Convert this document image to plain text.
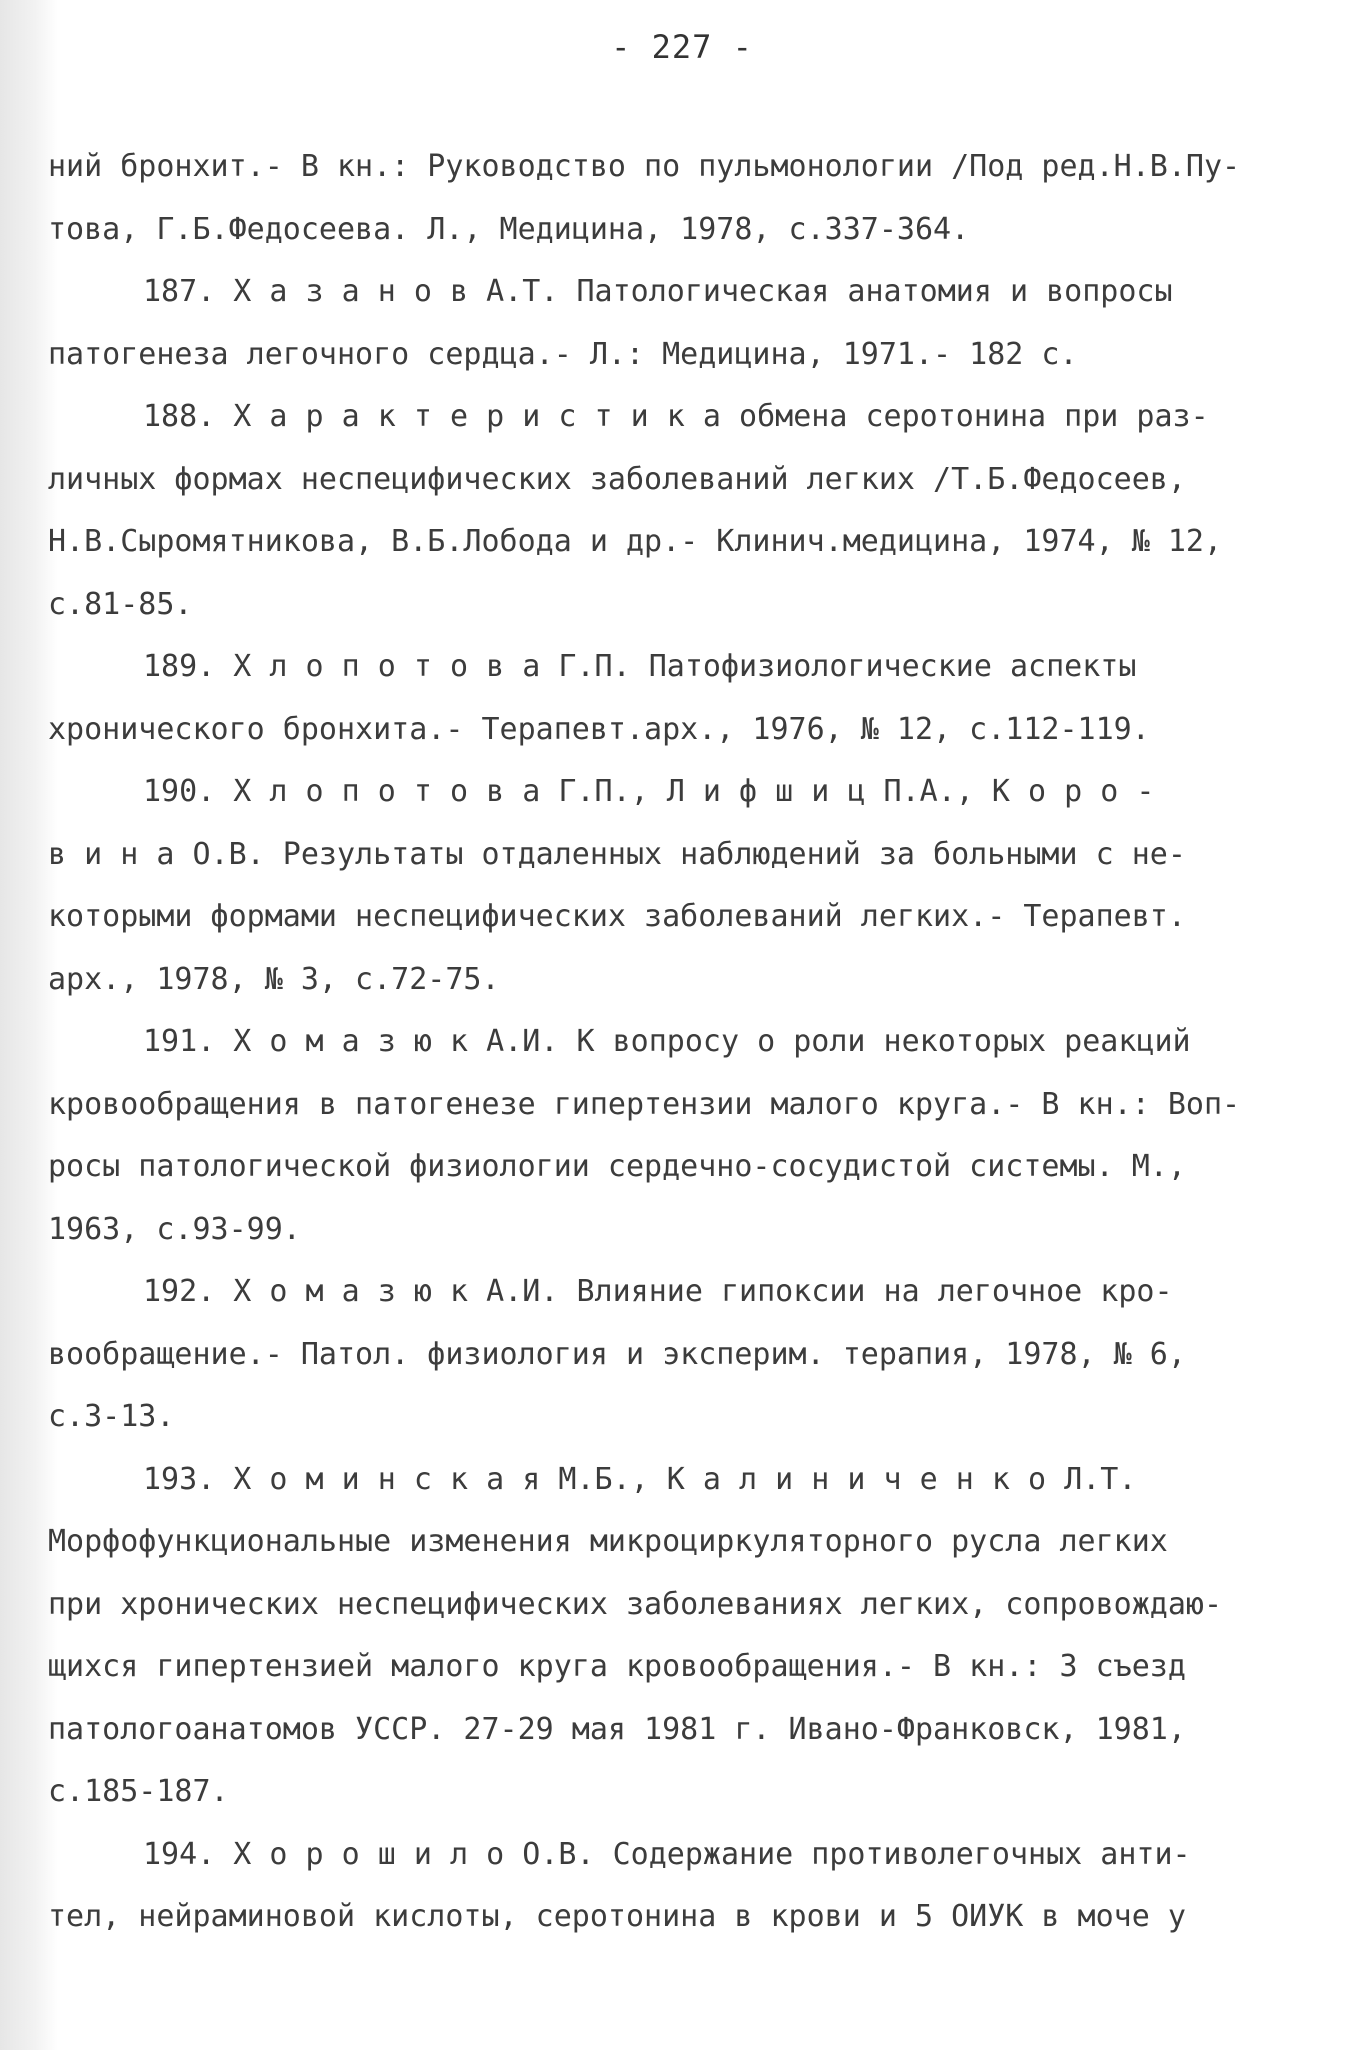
- 227 -
ний бронхит.- В кн.: Руководство по пульмонологии /Под ред.Н.В.Пу-
това, Г.Б.Федосеева. Л., Медицина, 1978, с.337-364.
187. Х а з а н о в А.Т. Патологическая анатомия и вопросы
патогенеза легочного сердца.- Л.: Медицина, 1971.- 182 с.
188. Х а р а к т е р и с т и к а обмена серотонина при раз-
личных формах неспецифических заболеваний легких /Т.Б.Федосеев,
Н.В.Сыромятникова, В.Б.Лобода и др.- Клинич.медицина, 1974, № 12,
с.81-85.
189. Х л о п о т о в а Г.П. Патофизиологические аспекты
хронического бронхита.- Терапевт.арх., 1976, № 12, с.112-119.
190. Х л о п о т о в а Г.П., Л и ф ш и ц П.А., К о р о -
в и н а О.В. Результаты отдаленных наблюдений за больными с не-
которыми формами неспецифических заболеваний легких.- Терапевт.
арх., 1978, № 3, с.72-75.
191. Х о м а з ю к А.И. К вопросу о роли некоторых реакций
кровообращения в патогенезе гипертензии малого круга.- В кн.: Воп-
росы патологической физиологии сердечно-сосудистой системы. М.,
1963, с.93-99.
192. Х о м а з ю к А.И. Влияние гипоксии на легочное кро-
вообращение.- Патол. физиология и эксперим. терапия, 1978, № 6,
с.3-13.
193. Х о м и н с к а я М.Б., К а л и н и ч е н к о Л.Т.
Морфофункциональные изменения микроциркуляторного русла легких
при хронических неспецифических заболеваниях легких, сопровождаю-
щихся гипертензией малого круга кровообращения.- В кн.: 3 съезд
патологоанатомов УССР. 27-29 мая 1981 г. Ивано-Франковск, 1981,
с.185-187.
194. Х о р о ш и л о О.В. Содержание противолегочных анти-
тел, нейраминовой кислоты, серотонина в крови и 5 ОИУК в моче у
